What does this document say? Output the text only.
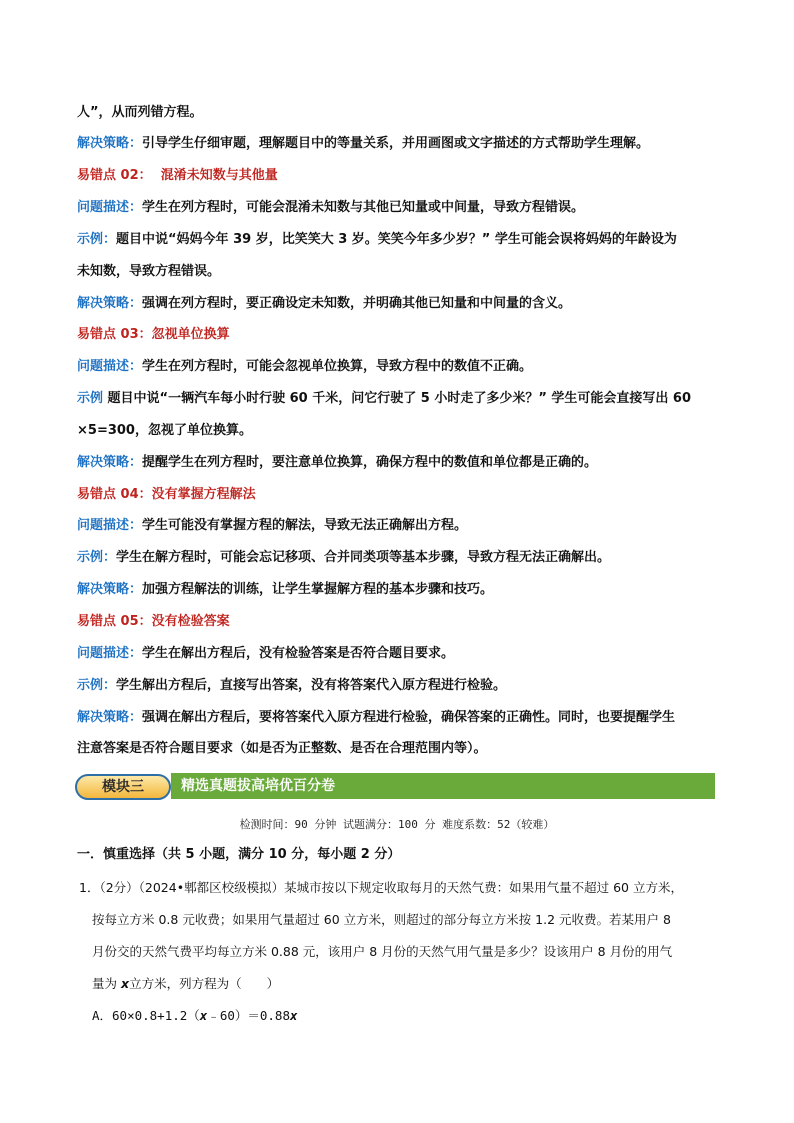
人”，从而列错方程。
解决策略：引导学生仔细审题，理解题目中的等量关系，并用画图或文字描述的方式帮助学生理解。
易错点 02： 混淆未知数与其他量
问题描述：学生在列方程时，可能会混淆未知数与其他已知量或中间量，导致方程错误。
示例：题目中说“妈妈今年 39 岁，比笑笑大 3 岁。笑笑今年多少岁？” 学生可能会误将妈妈的年龄设为
未知数，导致方程错误。
解决策略：强调在列方程时，要正确设定未知数，并明确其他已知量和中间量的含义。
易错点 03：忽视单位换算
问题描述：学生在列方程时，可能会忽视单位换算，导致方程中的数值不正确。
示例 题目中说“一辆汽车每小时行驶 60 千米，问它行驶了 5 小时走了多少米？” 学生可能会直接写出 60
×5=300，忽视了单位换算。
解决策略：提醒学生在列方程时，要注意单位换算，确保方程中的数值和单位都是正确的。
易错点 04：没有掌握方程解法
问题描述：学生可能没有掌握方程的解法，导致无法正确解出方程。
示例：学生在解方程时，可能会忘记移项、合并同类项等基本步骤，导致方程无法正确解出。
解决策略：加强方程解法的训练，让学生掌握解方程的基本步骤和技巧。
易错点 05：没有检验答案
问题描述：学生在解出方程后，没有检验答案是否符合题目要求。
示例：学生解出方程后，直接写出答案，没有将答案代入原方程进行检验。
解决策略：强调在解出方程后，要将答案代入原方程进行检验，确保答案的正确性。同时，也要提醒学生
注意答案是否符合题目要求（如是否为正整数、是否在合理范围内等）。
模块三	精选真题拔高培优百分卷
检测时间：90 分钟 试题满分：100 分 难度系数：52（较难）
一．慎重选择（共 5 小题，满分 10 分，每小题 2 分）
1．（2分）（2024•郫都区校级模拟）某城市按以下规定收取每月的天然气费：如果用气量不超过 60 立方米，
按每立方米 0.8 元收费；如果用气量超过 60 立方米，则超过的部分每立方米按 1.2 元收费。若某用户 8
月份交的天然气费平均每立方米 0.88 元，该用户 8 月份的天然气用气量是多少？设该用户 8 月份的用气
量为 x立方米，列方程为（　　）
A．60×0.8+1.2（x﹣60）＝0.88x
